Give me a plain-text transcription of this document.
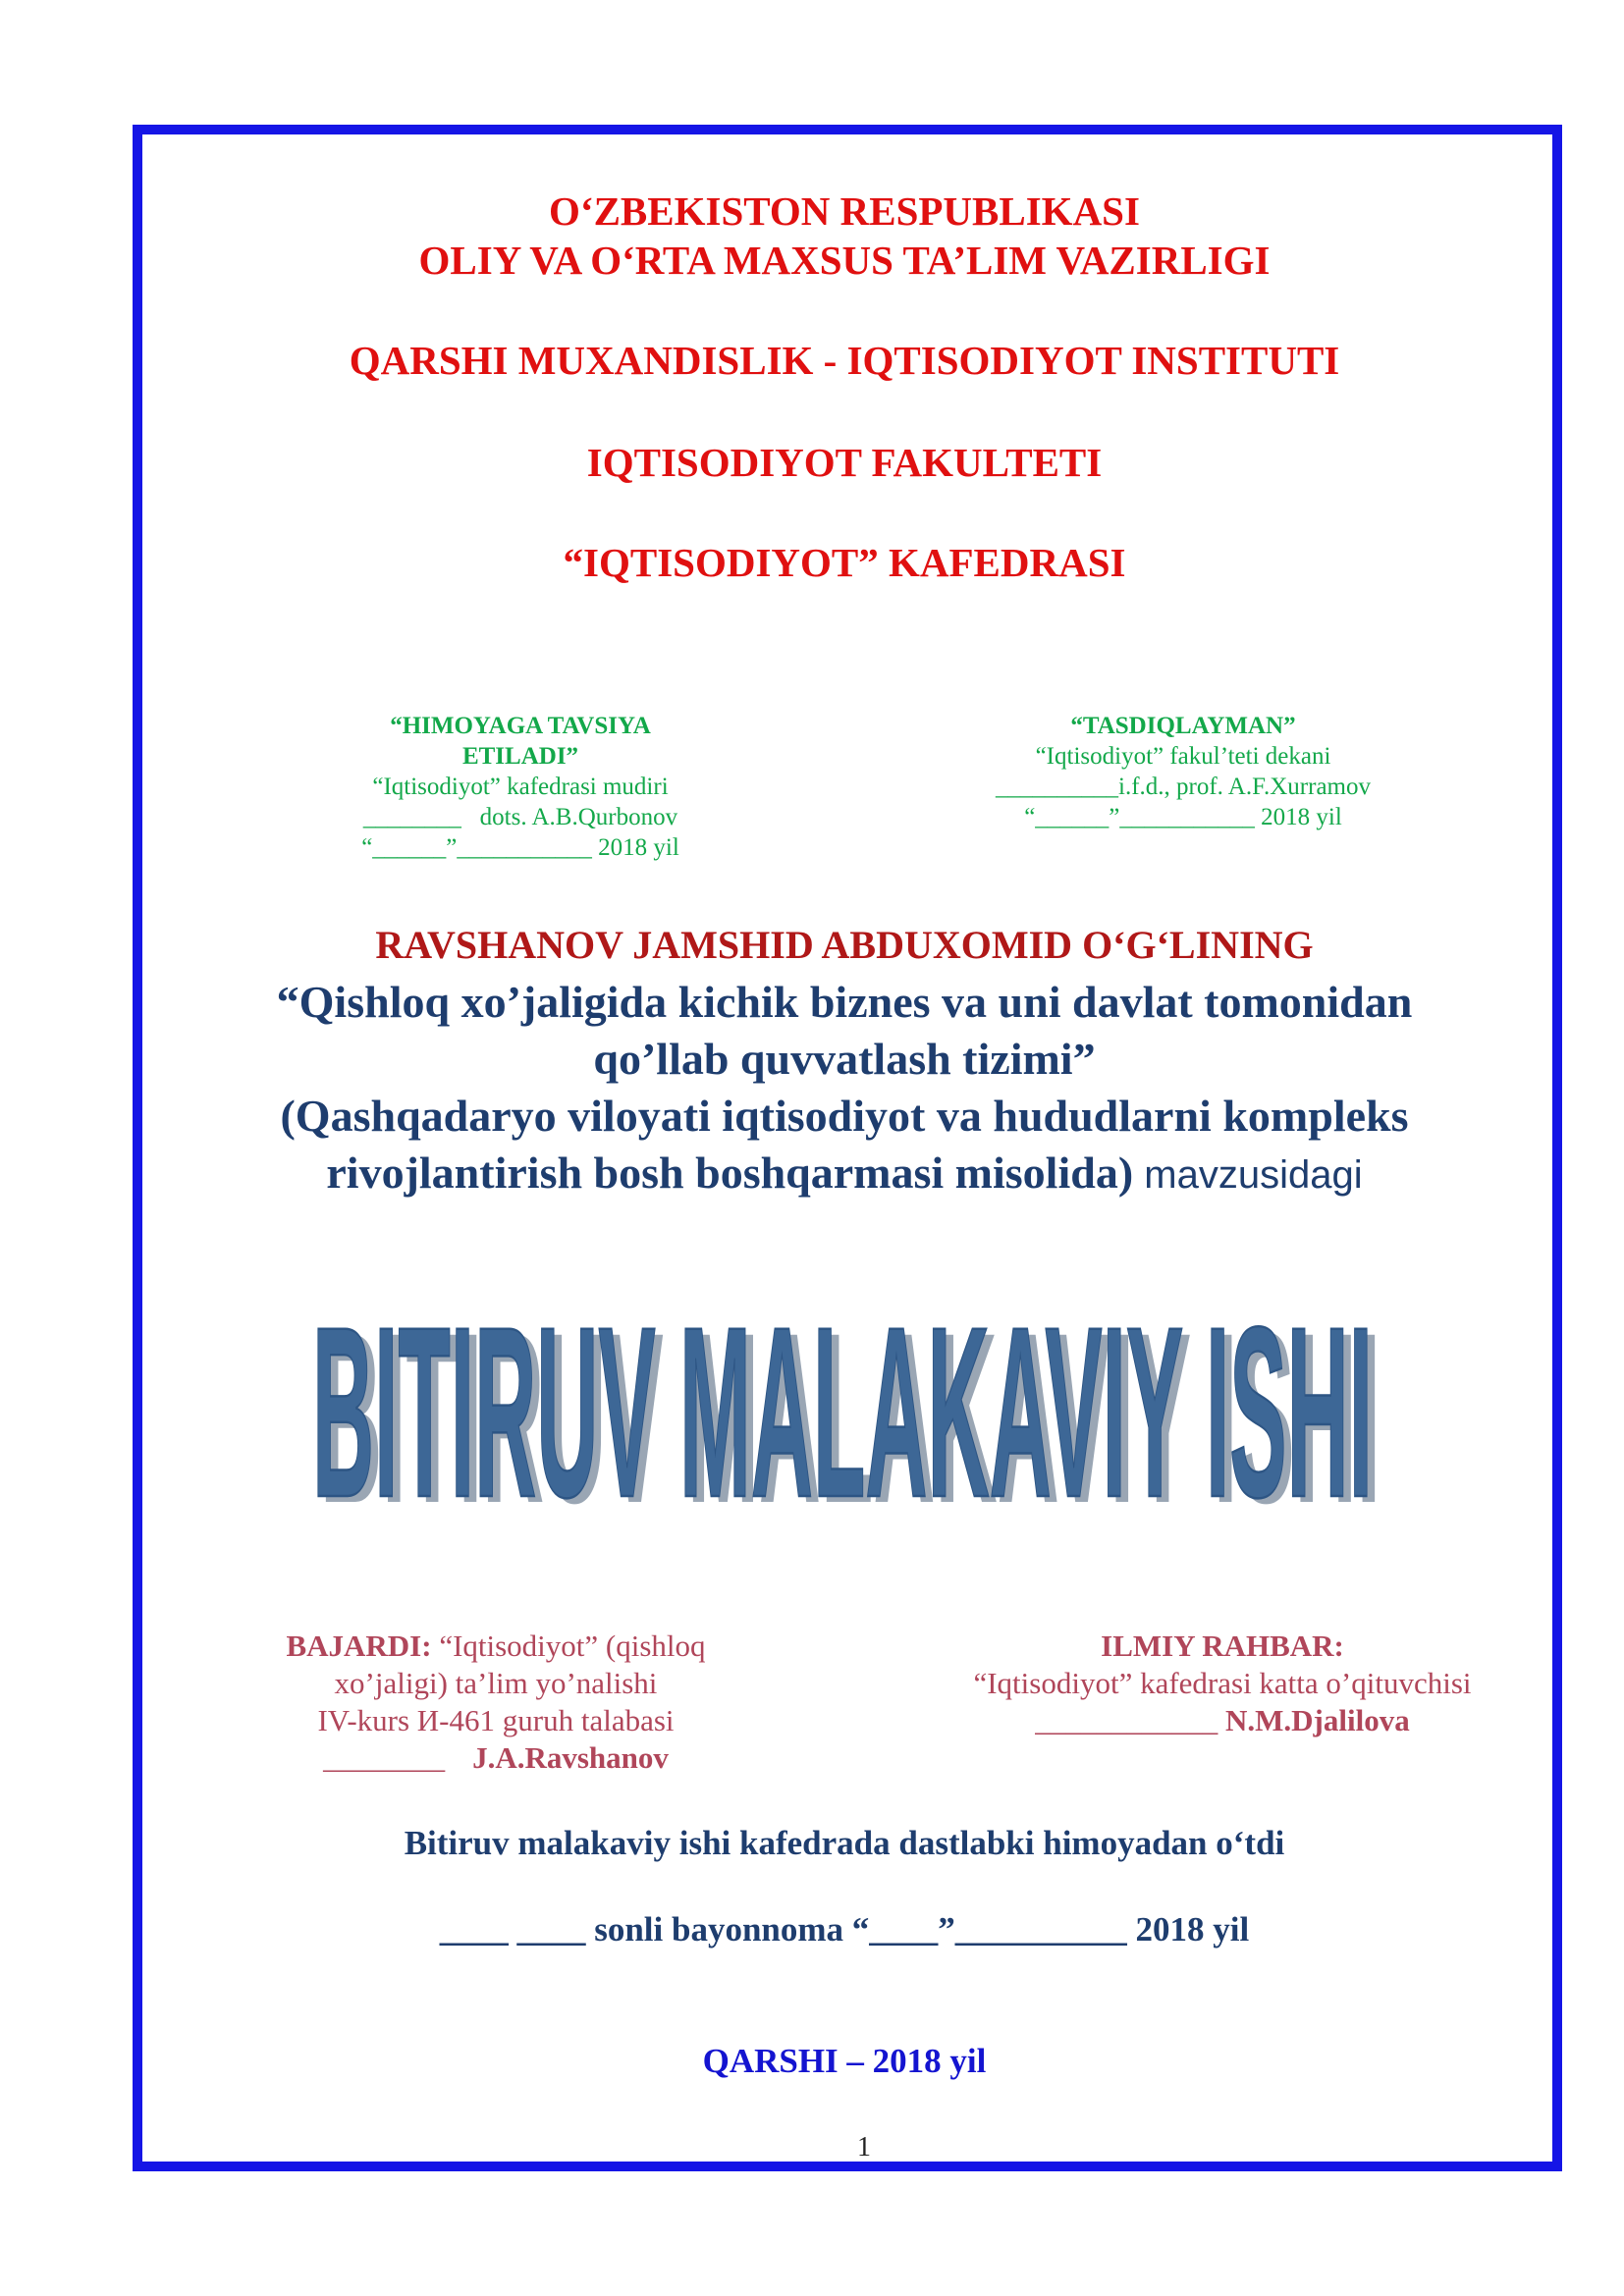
O‘ZBEKISTON RESPUBLIKASI
OLIY VA O‘RTA MAXSUS TA’LIM VAZIRLIGI
QARSHI MUXANDISLIK - IQTISODIYOT INSTITUTI
IQTISODIYOT FAKULTETI
“IQTISODIYOT” KAFEDRASI
“HIMOYAGA TAVSIYA
ETILADI”
“Iqtisodiyot” kafedrasi mudiri
________   dots. A.B.Qurbonov
“______”___________ 2018 yil
“TASDIQLAYMAN”
“Iqtisodiyot” fakul’teti dekani
__________i.f.d., prof. A.F.Xurramov
“______”___________ 2018 yil
RAVSHANOV JAMSHID ABDUXOMID O‘G‘LINING
“Qishloq xo’jaligida kichik biznes va uni davlat tomonidan
qo’llab quvvatlash tizimi”
(Qashqadaryo viloyati iqtisodiyot va hududlarni kompleks
rivojlantirish bosh boshqarmasi misolida) mavzusidagi
BITIRUV MALAKAVIY ISHI
BITIRUV MALAKAVIY ISHI
BAJARDI: “Iqtisodiyot” (qishloq
xo’jaligi) ta’lim yo’nalishi
IV-kurs И-461 guruh talabasi
________ J.A.Ravshanov
ILMIY RAHBAR:
“Iqtisodiyot” kafedrasi katta o’qituvchisi
____________ N.M.Djalilova
Bitiruv malakaviy ishi kafedrada dastlabki himoyadan o‘tdi
____ ____ sonli bayonnoma “____”__________ 2018 yil
QARSHI – 2018 yil
1
